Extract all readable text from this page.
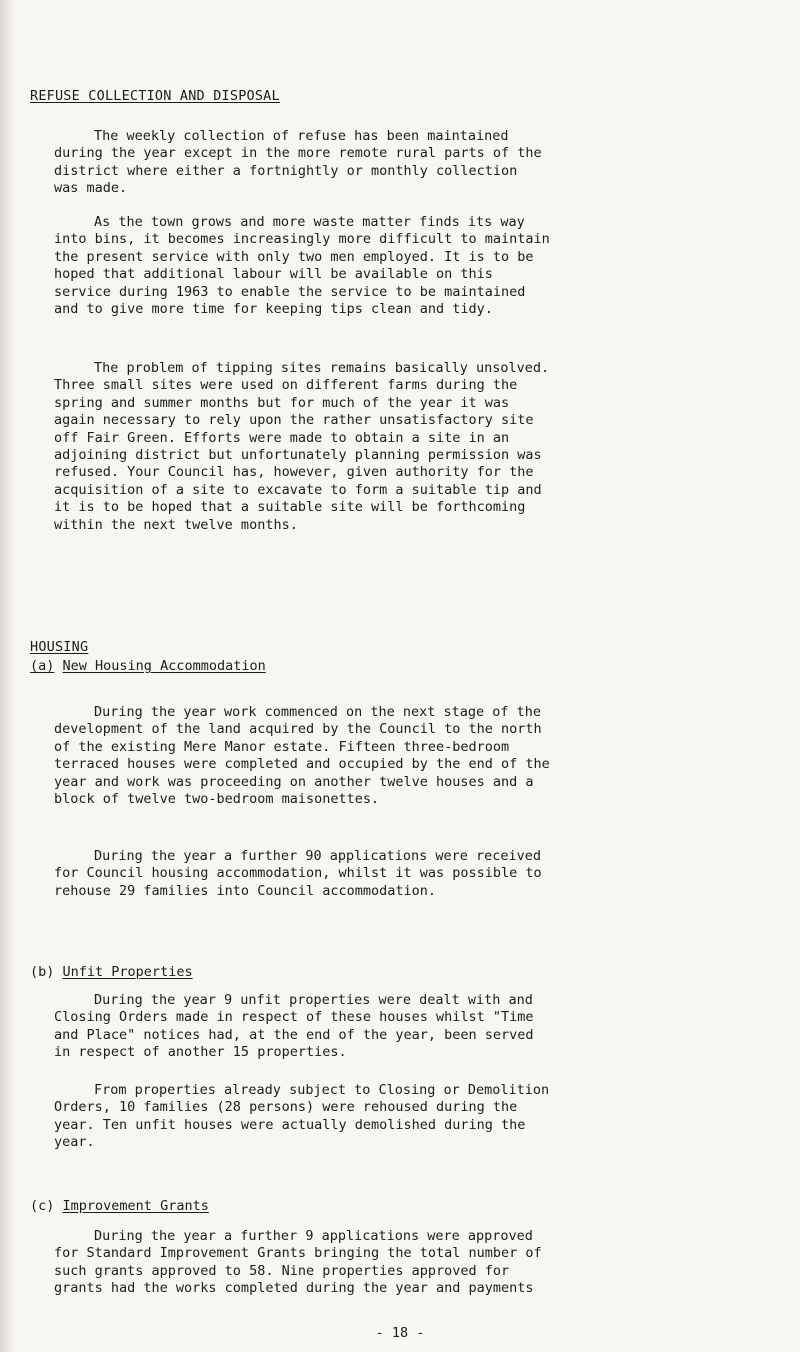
REFUSE COLLECTION AND DISPOSAL

The weekly collection of refuse has been maintained
during the year except in the more remote rural parts of the
district where either a fortnightly or monthly collection
was made.

As the town grows and more waste matter finds its way
into bins, it becomes increasingly more difficult to maintain
the present service with only two men employed. It is to be
hoped that additional labour will be available on this
service during 1963 to enable the service to be maintained
and to give more time for keeping tips clean and tidy.

The problem of tipping sites remains basically unsolved.
Three small sites were used on different farms during the
spring and summer months but for much of the year it was
again necessary to rely upon the rather unsatisfactory site
off Fair Green. Efforts were made to obtain a site in an
adjoining district but unfortunately planning permission was
refused. Your Council has, however, given authority for the
acquisition of a site to excavate to form a suitable tip and
it is to be hoped that a suitable site will be forthcoming
within the next twelve months.

HOUSING
(a) New Housing Accommodation

During the year work commenced on the next stage of the
development of the land acquired by the Council to the north
of the existing Mere Manor estate. Fifteen three-bedroom
terraced houses were completed and occupied by the end of the
year and work was proceeding on another twelve houses and a
block of twelve two-bedroom maisonettes.

During the year a further 90 applications were received
for Council housing accommodation, whilst it was possible to
rehouse 29 families into Council accommodation.

(b) Unfit Properties

During the year 9 unfit properties were dealt with and
Closing Orders made in respect of these houses whilst "Time
and Place" notices had, at the end of the year, been served
in respect of another 15 properties.

From properties already subject to Closing or Demolition
Orders, 10 families (28 persons) were rehoused during the
year. Ten unfit houses were actually demolished during the
year.

(c) Improvement Grants

During the year a further 9 applications were approved
for Standard Improvement Grants bringing the total number of
such grants approved to 58. Nine properties approved for
grants had the works completed during the year and payments

- 18 -
